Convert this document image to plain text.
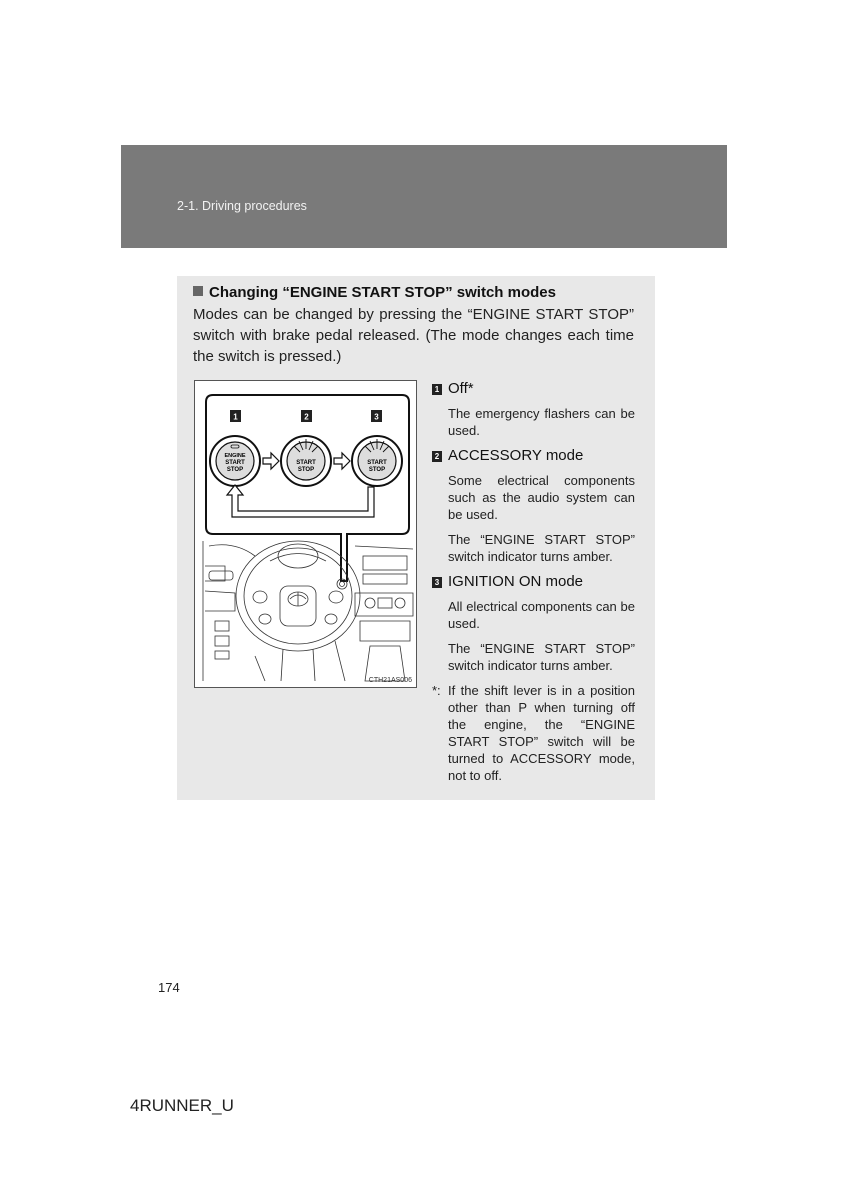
2-1. Driving procedures
Changing “ENGINE START STOP” switch modes
Modes can be changed by pressing the “ENGINE START STOP” switch with brake pedal released. (The mode changes each time the switch is pressed.)
1	2	3
ENGINE
START
STOP
START
STOP
START
STOP
CTH21AS006
1 Off*
The emergency flashers can be used.
2 ACCESSORY mode
Some electrical components such as the audio system can be used.
The “ENGINE START STOP” switch indicator turns amber.
3 IGNITION ON mode
All electrical components can be used.
The “ENGINE START STOP” switch indicator turns amber.
*: If the shift lever is in a position other than P when turning off the engine, the “ENGINE START STOP” switch will be turned to ACCESSORY mode, not to off.
174
4RUNNER_U
